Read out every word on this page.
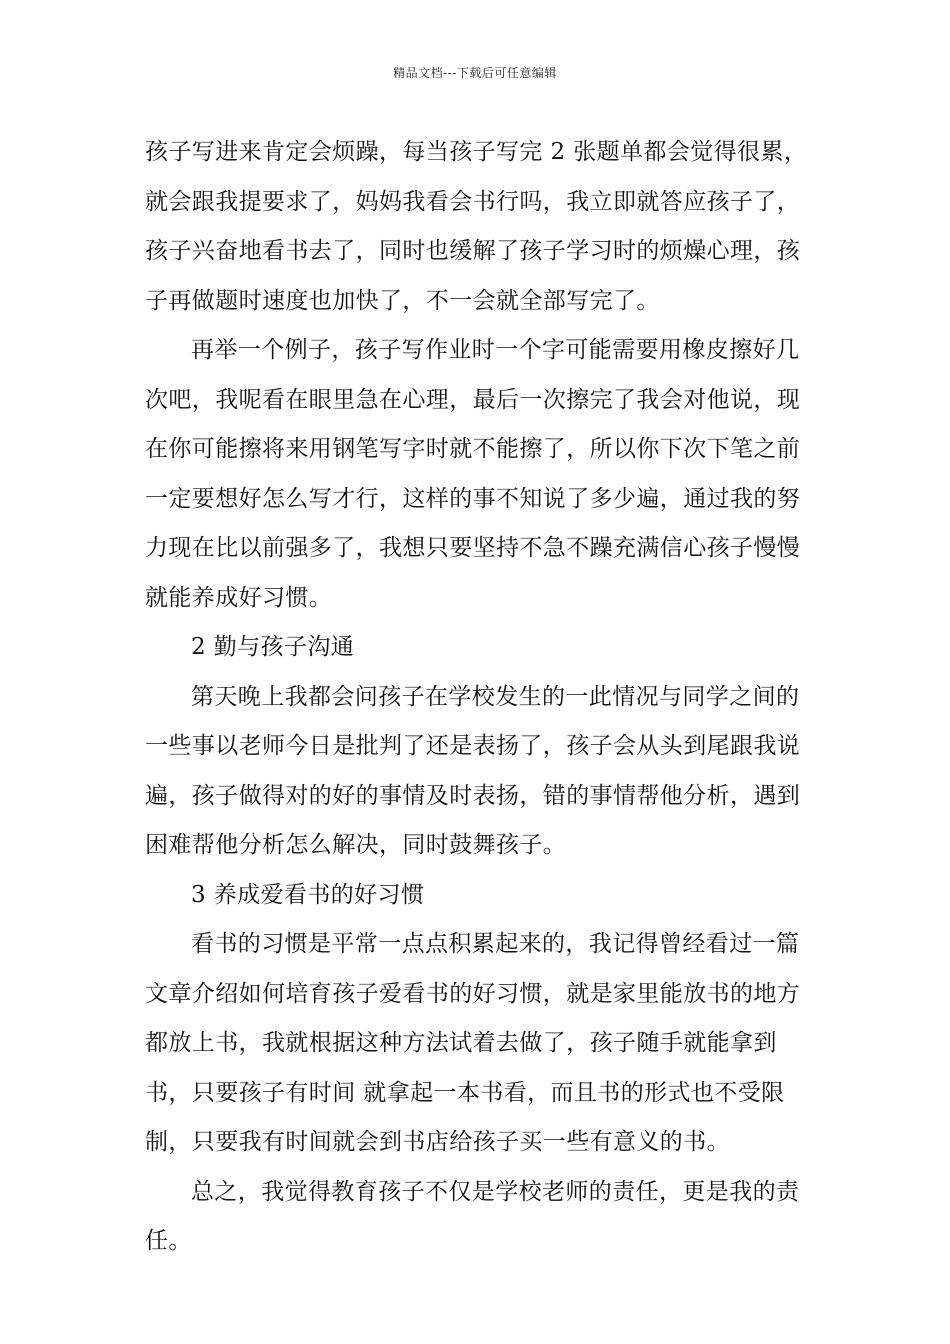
精品文档---下载后可任意编辑

孩子写进来肯定会烦躁，每当孩子写完 2 张题单都会觉得很累，就会跟我提要求了，妈妈我看会书行吗，我立即就答应孩子了，孩子兴奋地看书去了，同时也缓解了孩子学习时的烦燥心理，孩子再做题时速度也加快了，不一会就全部写完了。

再举一个例子，孩子写作业时一个字可能需要用橡皮擦好几次吧，我呢看在眼里急在心理，最后一次擦完了我会对他说，现在你可能擦将来用钢笔写字时就不能擦了，所以你下次下笔之前一定要想好怎么写才行，这样的事不知说了多少遍，通过我的努力现在比以前强多了，我想只要坚持不急不躁充满信心孩子慢慢就能养成好习惯。

2 勤与孩子沟通

第天晚上我都会问孩子在学校发生的一此情况与同学之间的一些事以老师今日是批判了还是表扬了，孩子会从头到尾跟我说遍，孩子做得对的好的事情及时表扬，错的事情帮他分析，遇到困难帮他分析怎么解决，同时鼓舞孩子。

3 养成爱看书的好习惯

看书的习惯是平常一点点积累起来的，我记得曾经看过一篇文章介绍如何培育孩子爱看书的好习惯，就是家里能放书的地方都放上书，我就根据这种方法试着去做了，孩子随手就能拿到书，只要孩子有时间 就拿起一本书看，而且书的形式也不受限制，只要我有时间就会到书店给孩子买一些有意义的书。

总之，我觉得教育孩子不仅是学校老师的责任，更是我的责任。
